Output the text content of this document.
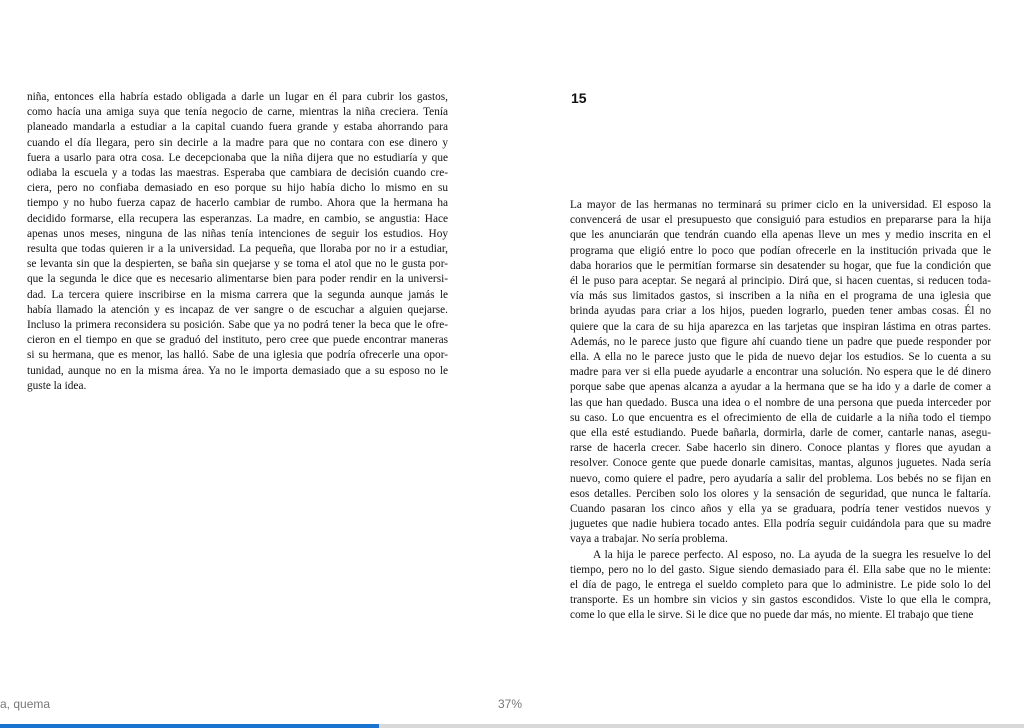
niña, entonces ella habría estado obligada a darle un lugar en él para cubrir los gastos,
como hacía una amiga suya que tenía negocio de carne, mientras la niña creciera. Tenía
planeado mandarla a estudiar a la capital cuando fuera grande y estaba ahorrando para
cuando el día llegara, pero sin decirle a la madre para que no contara con ese dinero y
fuera a usarlo para otra cosa. Le decepcionaba que la niña dijera que no estudiaría y que
odiaba la escuela y a todas las maestras. Esperaba que cambiara de decisión cuando cre-
ciera, pero no confiaba demasiado en eso porque su hijo había dicho lo mismo en su
tiempo y no hubo fuerza capaz de hacerlo cambiar de rumbo. Ahora que la hermana ha
decidido formarse, ella recupera las esperanzas. La madre, en cambio, se angustia: Hace
apenas unos meses, ninguna de las niñas tenía intenciones de seguir los estudios. Hoy
resulta que todas quieren ir a la universidad. La pequeña, que lloraba por no ir a estudiar,
se levanta sin que la despierten, se baña sin quejarse y se toma el atol que no le gusta por-
que la segunda le dice que es necesario alimentarse bien para poder rendir en la universi-
dad. La tercera quiere inscribirse en la misma carrera que la segunda aunque jamás le
había llamado la atención y es incapaz de ver sangre o de escuchar a alguien quejarse.
Incluso la primera reconsidera su posición. Sabe que ya no podrá tener la beca que le ofre-
cieron en el tiempo en que se graduó del instituto, pero cree que puede encontrar maneras
si su hermana, que es menor, las halló. Sabe de una iglesia que podría ofrecerle una opor-
tunidad, aunque no en la misma área. Ya no le importa demasiado que a su esposo no le
guste la idea.
15
La mayor de las hermanas no terminará su primer ciclo en la universidad. El esposo la
convencerá de usar el presupuesto que consiguió para estudios en prepararse para la hija
que les anunciarán que tendrán cuando ella apenas lleve un mes y medio inscrita en el
programa que eligió entre lo poco que podían ofrecerle en la institución privada que le
daba horarios que le permitían formarse sin desatender su hogar, que fue la condición que
él le puso para aceptar. Se negará al principio. Dirá que, si hacen cuentas, si reducen toda-
vía más sus limitados gastos, si inscriben a la niña en el programa de una iglesia que
brinda ayudas para criar a los hijos, pueden lograrlo, pueden tener ambas cosas. Él no
quiere que la cara de su hija aparezca en las tarjetas que inspiran lástima en otras partes.
Además, no le parece justo que figure ahí cuando tiene un padre que puede responder por
ella. A ella no le parece justo que le pida de nuevo dejar los estudios. Se lo cuenta a su
madre para ver si ella puede ayudarle a encontrar una solución. No espera que le dé dinero
porque sabe que apenas alcanza a ayudar a la hermana que se ha ido y a darle de comer a
las que han quedado. Busca una idea o el nombre de una persona que pueda interceder por
su caso. Lo que encuentra es el ofrecimiento de ella de cuidarle a la niña todo el tiempo
que ella esté estudiando. Puede bañarla, dormirla, darle de comer, cantarle nanas, asegu-
rarse de hacerla crecer. Sabe hacerlo sin dinero. Conoce plantas y flores que ayudan a
resolver. Conoce gente que puede donarle camisitas, mantas, algunos juguetes. Nada sería
nuevo, como quiere el padre, pero ayudaría a salir del problema. Los bebés no se fijan en
esos detalles. Perciben solo los olores y la sensación de seguridad, que nunca le faltaría.
Cuando pasaran los cinco años y ella ya se graduara, podría tener vestidos nuevos y
juguetes que nadie hubiera tocado antes. Ella podría seguir cuidándola para que su madre
vaya a trabajar. No sería problema.
A la hija le parece perfecto. Al esposo, no. La ayuda de la suegra les resuelve lo del
tiempo, pero no lo del gasto. Sigue siendo demasiado para él. Ella sabe que no le miente:
el día de pago, le entrega el sueldo completo para que lo administre. Le pide solo lo del
transporte. Es un hombre sin vicios y sin gastos escondidos. Viste lo que ella le compra,
come lo que ella le sirve. Si le dice que no puede dar más, no miente. El trabajo que tiene
a, quema	37%
